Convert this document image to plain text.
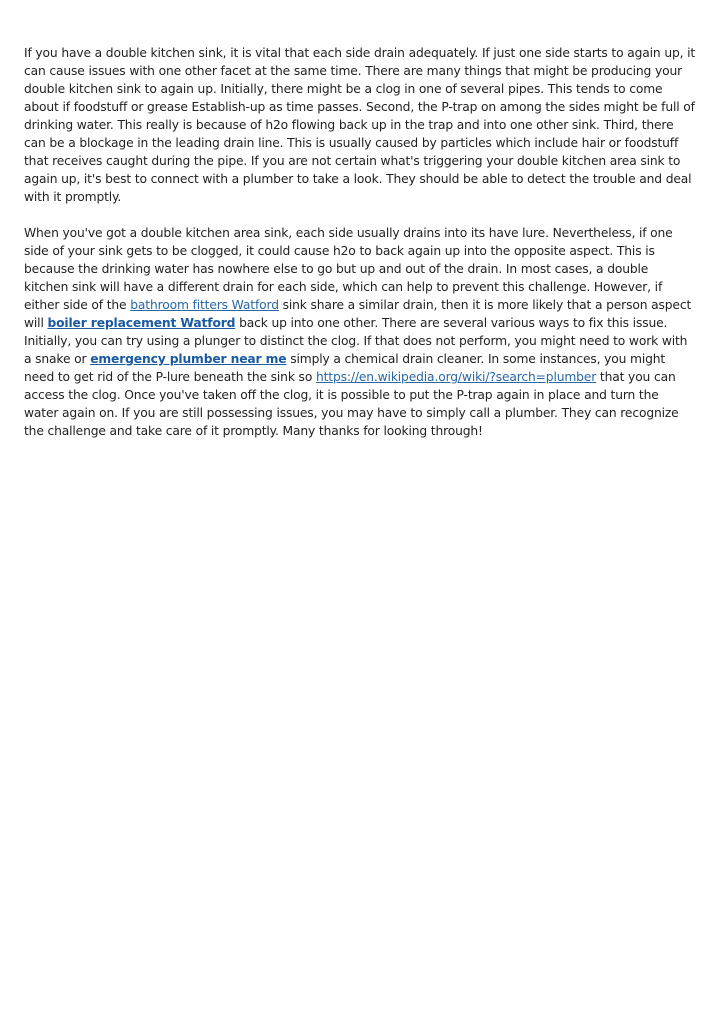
If you have a double kitchen sink, it is vital that each side drain adequately. If just one side starts to again up, it can cause issues with one other facet at the same time. There are many things that might be producing your double kitchen sink to again up. Initially, there might be a clog in one of several pipes. This tends to come about if foodstuff or grease Establish-up as time passes. Second, the P-trap on among the sides might be full of drinking water. This really is because of h2o flowing back up in the trap and into one other sink. Third, there can be a blockage in the leading drain line. This is usually caused by particles which include hair or foodstuff that receives caught during the pipe. If you are not certain what's triggering your double kitchen area sink to again up, it's best to connect with a plumber to take a look. They should be able to detect the trouble and deal with it promptly.

When you've got a double kitchen area sink, each side usually drains into its have lure. Nevertheless, if one side of your sink gets to be clogged, it could cause h2o to back again up into the opposite aspect. This is because the drinking water has nowhere else to go but up and out of the drain. In most cases, a double kitchen sink will have a different drain for each side, which can help to prevent this challenge. However, if either side of the bathroom fitters Watford sink share a similar drain, then it is more likely that a person aspect will boiler replacement Watford back up into one other. There are several various ways to fix this issue. Initially, you can try using a plunger to distinct the clog. If that does not perform, you might need to work with a snake or emergency plumber near me simply a chemical drain cleaner. In some instances, you might need to get rid of the P-lure beneath the sink so https://en.wikipedia.org/wiki/?search=plumber that you can access the clog. Once you've taken off the clog, it is possible to put the P-trap again in place and turn the water again on. If you are still possessing issues, you may have to simply call a plumber. They can recognize the challenge and take care of it promptly. Many thanks for looking through!
